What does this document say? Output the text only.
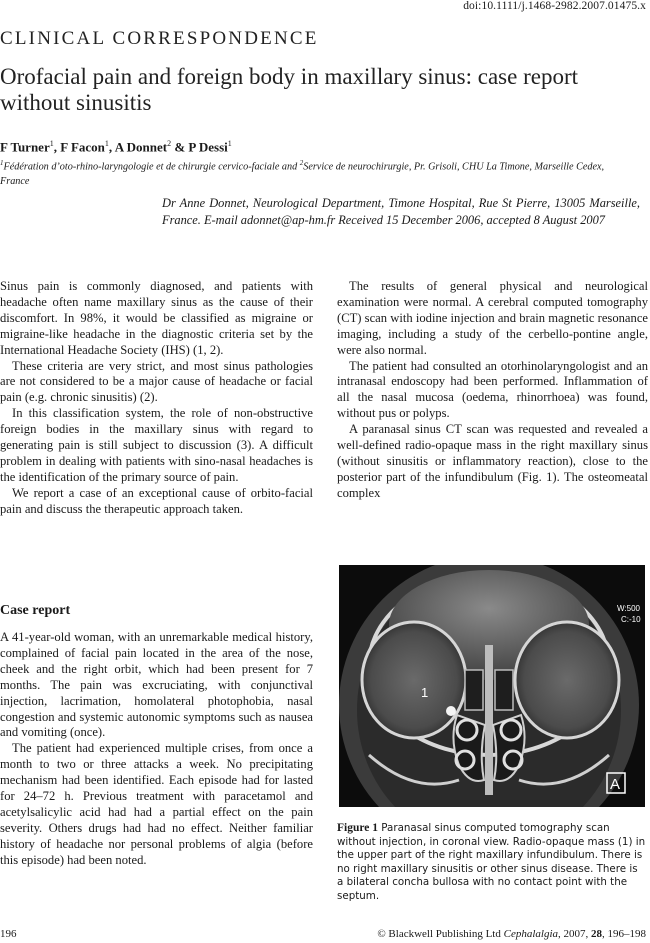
doi:10.1111/j.1468-2982.2007.01475.x
CLINICAL CORRESPONDENCE
Orofacial pain and foreign body in maxillary sinus: case report without sinusitis
F Turner$^1$, F Facon$^1$, A Donnet$^2$ & P Dessi$^1$
$^1$Fédération d’oto-rhino-laryngologie et de chirurgie cervico-faciale and $^2$Service de neurochirurgie, Pr. Grisoli, CHU La Timone, Marseille Cedex, France
Dr Anne Donnet, Neurological Department, Timone Hospital, Rue St Pierre, 13005 Marseille, France. E-mail adonnet@ap-hm.fr Received 15 December 2006, accepted 8 August 2007

Sinus pain is commonly diagnosed, and patients with headache often name maxillary sinus as the cause of their discomfort. In 98%, it would be classified as migraine or migraine-like headache in the diagnostic criteria set by the International Headache Society (IHS) (1, 2).

These criteria are very strict, and most sinus pathologies are not considered to be a major cause of headache or facial pain (e.g. chronic sinusitis) (2).

In this classification system, the role of non-obstructive foreign bodies in the maxillary sinus with regard to generating pain is still subject to discussion (3). A difficult problem in dealing with patients with sino-nasal headaches is the identification of the primary source of pain.

We report a case of an exceptional cause of orbito-facial pain and discuss the therapeutic approach taken.

Case report

A 41-year-old woman, with an unremarkable medical history, complained of facial pain located in the area of the nose, cheek and the right orbit, which had been present for 7 months. The pain was excruciating, with conjunctival injection, lacrimation, homolateral photophobia, nasal congestion and systemic autonomic symptoms such as nausea and vomiting (once).

The patient had experienced multiple crises, from once a month to two or three attacks a week. No precipitating mechanism had been identified. Each episode had for lasted for 24–72 h. Previous treatment with paracetamol and acetylsalicylic acid had had a partial effect on the pain severity. Others drugs had had no effect. Neither familiar history of headache nor personal problems of algia (before this episode) had been noted.

The results of general physical and neurological examination were normal. A cerebral computed tomography (CT) scan with iodine injection and brain magnetic resonance imaging, including a study of the cerbello-pontine angle, were also normal.

The patient had consulted an otorhinolaryngologist and an intranasal endoscopy had been performed. Inflammation of all the nasal mucosa (oedema, rhinorrhoea) was found, without pus or polyps.

A paranasal sinus CT scan was requested and revealed a well-defined radio-opaque mass in the right maxillary sinus (without sinusitis or inflammatory reaction), close to the posterior part of the infundibulum (Fig. 1). The osteomeatal complex

1
W:500
C:-10
A
Figure 1 Paranasal sinus computed tomography scan without injection, in coronal view. Radio-opaque mass (1) in the upper part of the right maxillary infundibulum. There is no right maxillary sinusitis or other sinus disease. There is a bilateral concha bullosa with no contact point with the septum.
196	© Blackwell Publishing Ltd Cephalalgia, 2007, 28, 196–198
